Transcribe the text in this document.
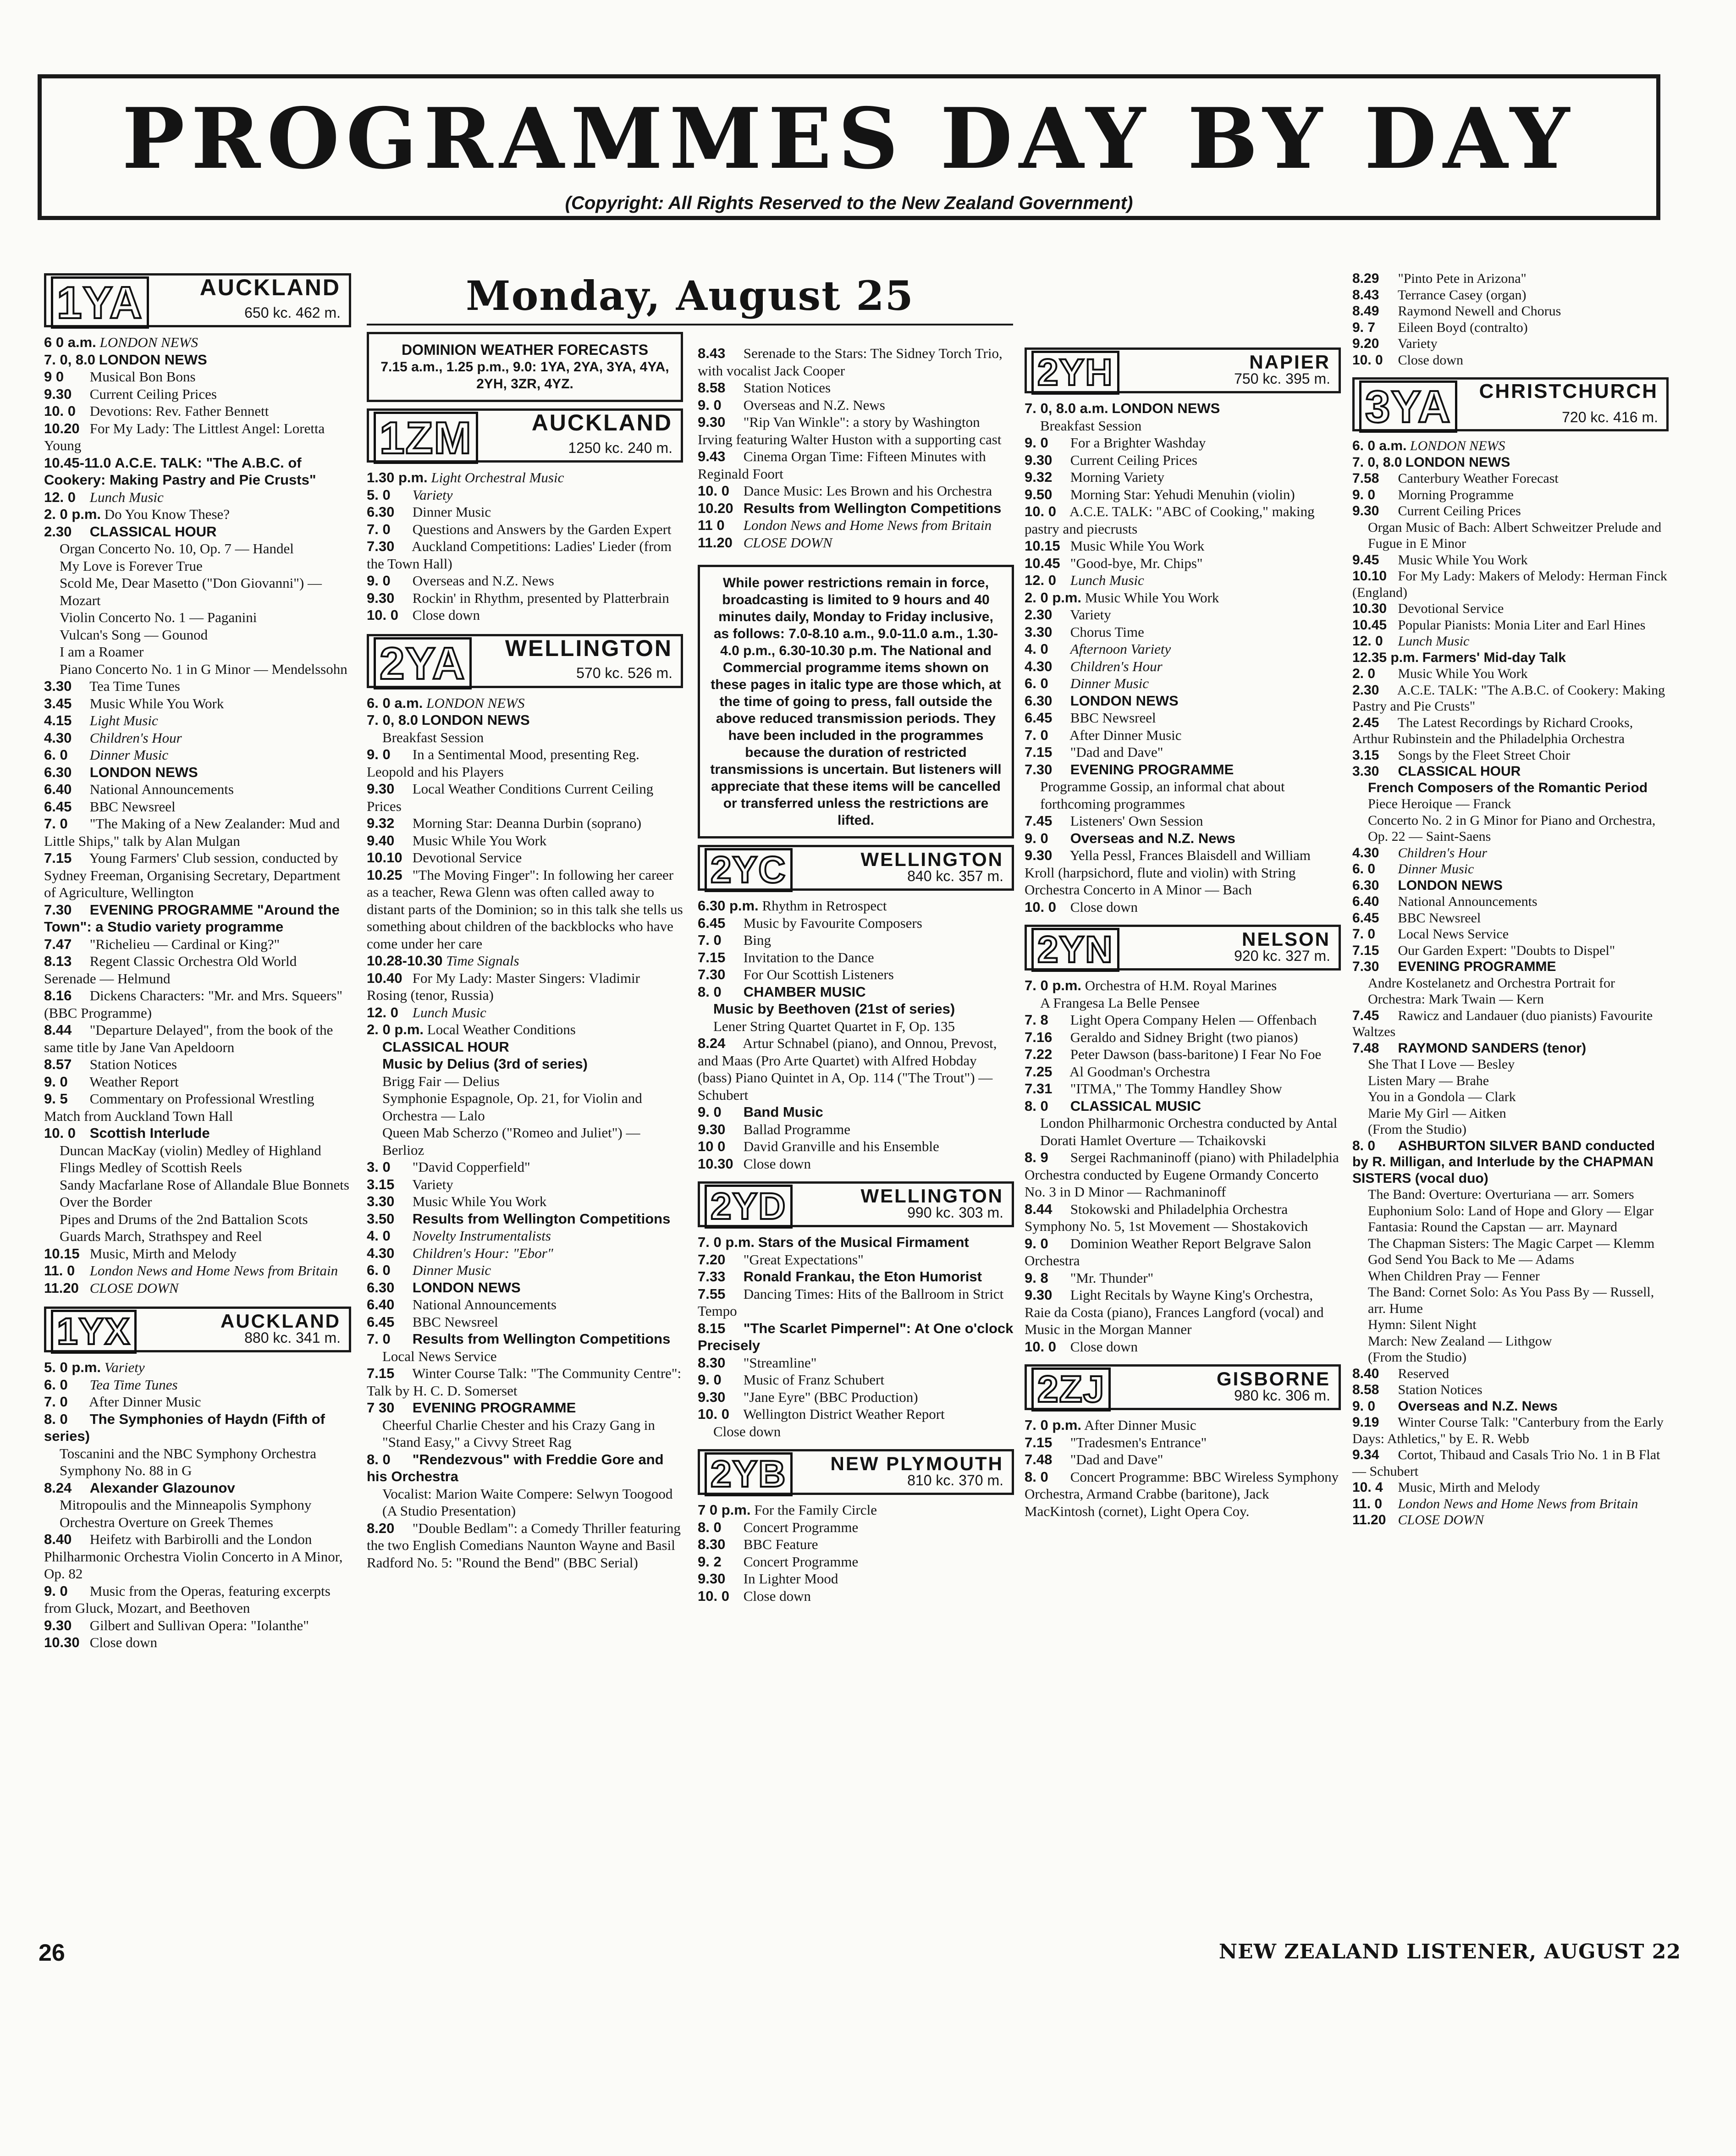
PROGRAMMES DAY BY DAY
(Copyright: All Rights Reserved to the New Zealand Government)
1YA AUCKLAND
650 kc. 462 m.

6 0 a.m. LONDON NEWS

7. 0, 8.0 LONDON NEWS

9 0 Musical Bon Bons

9.30 Current Ceiling Prices

10. 0 Devotions: Rev. Father Bennett

10.20 For My Lady: The Littlest Angel: Loretta Young

10.45-11.0 A.C.E. TALK: "The A.B.C. of Cookery: Making Pastry and Pie Crusts"

12. 0 Lunch Music

2. 0 p.m. Do You Know These?

2.30 CLASSICAL HOUR

Organ Concerto No. 10, Op. 7 — Handel

My Love is Forever True

Scold Me, Dear Masetto ("Don Giovanni") — Mozart

Violin Concerto No. 1 — Paganini

Vulcan's Song — Gounod

I am a Roamer

Piano Concerto No. 1 in G Minor — Mendelssohn

3.30 Tea Time Tunes

3.45 Music While You Work

4.15 Light Music

4.30 Children's Hour

6. 0 Dinner Music

6.30 LONDON NEWS

6.40 National Announcements

6.45 BBC Newsreel

7. 0 "The Making of a New Zealander: Mud and Little Ships," talk by Alan Mulgan

7.15 Young Farmers' Club session, conducted by Sydney Freeman, Organising Secretary, Department of Agriculture, Wellington

7.30 EVENING PROGRAMME "Around the Town": a Studio variety programme

7.47 "Richelieu — Cardinal or King?"

8.13 Regent Classic Orchestra Old World Serenade — Helmund

8.16 Dickens Characters: "Mr. and Mrs. Squeers" (BBC Programme)

8.44 "Departure Delayed", from the book of the same title by Jane Van Apeldoorn

8.57 Station Notices

9. 0 Weather Report

9. 5 Commentary on Professional Wrestling Match from Auckland Town Hall

10. 0 Scottish Interlude

Duncan MacKay (violin) Medley of Highland Flings Medley of Scottish Reels

Sandy Macfarlane Rose of Allandale Blue Bonnets Over the Border

Pipes and Drums of the 2nd Battalion Scots Guards March, Strathspey and Reel

10.15 Music, Mirth and Melody

11. 0 London News and Home News from Britain

11.20 CLOSE DOWN

1YX	AUCKLAND
880 kc. 341 m.

5. 0 p.m. Variety

6. 0 Tea Time Tunes

7. 0 After Dinner Music

8. 0 The Symphonies of Haydn (Fifth of series)

Toscanini and the NBC Symphony Orchestra Symphony No. 88 in G

8.24 Alexander Glazounov

Mitropoulis and the Minneapolis Symphony Orchestra Overture on Greek Themes

8.40 Heifetz with Barbirolli and the London Philharmonic Orchestra Violin Concerto in A Minor, Op. 82

9. 0 Music from the Operas, featuring excerpts from Gluck, Mozart, and Beethoven

9.30 Gilbert and Sullivan Opera: "Iolanthe"

10.30 Close down

Monday, August 25
DOMINION WEATHER FORECASTS
7.15 a.m., 1.25 p.m., 9.0: 1YA, 2YA, 3YA, 4YA, 2YH, 3ZR, 4YZ.
1ZM	AUCKLAND
1250 kc. 240 m.

1.30 p.m. Light Orchestral Music

5. 0 Variety

6.30 Dinner Music

7. 0 Questions and Answers by the Garden Expert

7.30 Auckland Competitions: Ladies' Lieder (from the Town Hall)

9. 0 Overseas and N.Z. News

9.30 Rockin' in Rhythm, presented by Platterbrain

10. 0 Close down

2YA WELLINGTON
570 kc. 526 m.

6. 0 a.m. LONDON NEWS

7. 0, 8.0 LONDON NEWS

Breakfast Session

9. 0 In a Sentimental Mood, presenting Reg. Leopold and his Players

9.30 Local Weather Conditions Current Ceiling Prices

9.32 Morning Star: Deanna Durbin (soprano)

9.40 Music While You Work

10.10 Devotional Service

10.25 "The Moving Finger": In following her career as a teacher, Rewa Glenn was often called away to distant parts of the Dominion; so in this talk she tells us something about children of the backblocks who have come under her care

10.28-10.30 Time Signals

10.40 For My Lady: Master Singers: Vladimir Rosing (tenor, Russia)

12. 0 Lunch Music

2. 0 p.m. Local Weather Conditions

CLASSICAL HOUR

Music by Delius (3rd of series)

Brigg Fair — Delius

Symphonie Espagnole, Op. 21, for Violin and Orchestra — Lalo

Queen Mab Scherzo ("Romeo and Juliet") — Berlioz

3. 0 "David Copperfield"

3.15 Variety

3.30 Music While You Work

3.50 Results from Wellington Competitions

4. 0 Novelty Instrumentalists

4.30 Children's Hour: "Ebor"

6. 0 Dinner Music

6.30 LONDON NEWS

6.40 National Announcements

6.45 BBC Newsreel

7. 0 Results from Wellington Competitions

Local News Service

7.15 Winter Course Talk: "The Community Centre": Talk by H. C. D. Somerset

7 30 EVENING PROGRAMME

Cheerful Charlie Chester and his Crazy Gang in "Stand Easy," a Civvy Street Rag

8. 0 "Rendezvous" with Freddie Gore and his Orchestra

Vocalist: Marion Waite Compere: Selwyn Toogood (A Studio Presentation)

8.20 "Double Bedlam": a Comedy Thriller featuring the two English Comedians Naunton Wayne and Basil Radford No. 5: "Round the Bend" (BBC Serial)

8.43 Serenade to the Stars: The Sidney Torch Trio, with vocalist Jack Cooper

8.58 Station Notices

9. 0 Overseas and N.Z. News

9.30 "Rip Van Winkle": a story by Washington Irving featuring Walter Huston with a supporting cast

9.43 Cinema Organ Time: Fifteen Minutes with Reginald Foort

10. 0 Dance Music: Les Brown and his Orchestra

10.20 Results from Wellington Competitions

11 0 London News and Home News from Britain

11.20 CLOSE DOWN

While power restrictions remain in force, broadcasting is limited to 9 hours and 40 minutes daily, Monday to Friday inclusive, as follows: 7.0-8.10 a.m., 9.0-11.0 a.m., 1.30-4.0 p.m., 6.30-10.30 p.m. The National and Commercial programme items shown on these pages in italic type are those which, at the time of going to press, fall outside the above reduced transmission periods. They have been included in the programmes because the duration of restricted transmissions is uncertain. But listeners will appreciate that these items will be cancelled or transferred unless the restrictions are lifted.
2YC	WELLINGTON
840 kc. 357 m.

6.30 p.m. Rhythm in Retrospect

6.45 Music by Favourite Composers

7. 0 Bing

7.15 Invitation to the Dance

7.30 For Our Scottish Listeners

8. 0 CHAMBER MUSIC

Music by Beethoven (21st of series)

Lener String Quartet Quartet in F, Op. 135

8.24 Artur Schnabel (piano), and Onnou, Prevost, and Maas (Pro Arte Quartet) with Alfred Hobday (bass) Piano Quintet in A, Op. 114 ("The Trout") — Schubert

9. 0 Band Music

9.30 Ballad Programme

10 0 David Granville and his Ensemble

10.30 Close down

2YD	WELLINGTON
990 kc. 303 m.

7. 0 p.m. Stars of the Musical Firmament

7.20 "Great Expectations"

7.33 Ronald Frankau, the Eton Humorist

7.55 Dancing Times: Hits of the Ballroom in Strict Tempo

8.15 "The Scarlet Pimpernel": At One o'clock Precisely

8.30 "Streamline"

9. 0 Music of Franz Schubert

9.30 "Jane Eyre" (BBC Production)

10. 0 Wellington District Weather Report

Close down

2YB	NEW PLYMOUTH
810 kc. 370 m.

7 0 p.m. For the Family Circle

8. 0 Concert Programme

8.30 BBC Feature

9. 2 Concert Programme

9.30 In Lighter Mood

10. 0 Close down

2YH	NAPIER
750 kc. 395 m.

7. 0, 8.0 a.m. LONDON NEWS

Breakfast Session

9. 0 For a Brighter Washday

9.30 Current Ceiling Prices

9.32 Morning Variety

9.50 Morning Star: Yehudi Menuhin (violin)

10. 0 A.C.E. TALK: "ABC of Cooking," making pastry and piecrusts

10.15 Music While You Work

10.45 "Good-bye, Mr. Chips"

12. 0 Lunch Music

2. 0 p.m. Music While You Work

2.30 Variety

3.30 Chorus Time

4. 0 Afternoon Variety

4.30 Children's Hour

6. 0 Dinner Music

6.30 LONDON NEWS

6.45 BBC Newsreel

7. 0 After Dinner Music

7.15 "Dad and Dave"

7.30 EVENING PROGRAMME

Programme Gossip, an informal chat about forthcoming programmes

7.45 Listeners' Own Session

9. 0 Overseas and N.Z. News

9.30 Yella Pessl, Frances Blaisdell and William Kroll (harpsichord, flute and violin) with String Orchestra Concerto in A Minor — Bach

10. 0 Close down

2YN	NELSON
920 kc. 327 m.

7. 0 p.m. Orchestra of H.M. Royal Marines

A Frangesa La Belle Pensee

7. 8 Light Opera Company Helen — Offenbach

7.16 Geraldo and Sidney Bright (two pianos)

7.22 Peter Dawson (bass-baritone) I Fear No Foe

7.25 Al Goodman's Orchestra

7.31 "ITMA," The Tommy Handley Show

8. 0 CLASSICAL MUSIC

London Philharmonic Orchestra conducted by Antal Dorati Hamlet Overture — Tchaikovski

8. 9 Sergei Rachmaninoff (piano) with Philadelphia Orchestra conducted by Eugene Ormandy Concerto No. 3 in D Minor — Rachmaninoff

8.44 Stokowski and Philadelphia Orchestra Symphony No. 5, 1st Movement — Shostakovich

9. 0 Dominion Weather Report Belgrave Salon Orchestra

9. 8 "Mr. Thunder"

9.30 Light Recitals by Wayne King's Orchestra, Raie da Costa (piano), Frances Langford (vocal) and Music in the Morgan Manner

10. 0 Close down

2ZJ	GISBORNE
980 kc. 306 m.

7. 0 p.m. After Dinner Music

7.15 "Tradesmen's Entrance"

7.48 "Dad and Dave"

8. 0 Concert Programme: BBC Wireless Symphony Orchestra, Armand Crabbe (baritone), Jack MacKintosh (cornet), Light Opera Coy.

8.29 "Pinto Pete in Arizona"

8.43 Terrance Casey (organ)

8.49 Raymond Newell and Chorus

9. 7 Eileen Boyd (contralto)

9.20 Variety

10. 0 Close down

3YA CHRISTCHURCH
720 kc. 416 m.

6. 0 a.m. LONDON NEWS

7. 0, 8.0 LONDON NEWS

7.58 Canterbury Weather Forecast

9. 0 Morning Programme

9.30 Current Ceiling Prices

Organ Music of Bach: Albert Schweitzer Prelude and Fugue in E Minor

9.45 Music While You Work

10.10 For My Lady: Makers of Melody: Herman Finck (England)

10.30 Devotional Service

10.45 Popular Pianists: Monia Liter and Earl Hines

12. 0 Lunch Music

12.35 p.m. Farmers' Mid-day Talk

2. 0 Music While You Work

2.30 A.C.E. TALK: "The A.B.C. of Cookery: Making Pastry and Pie Crusts"

2.45 The Latest Recordings by Richard Crooks, Arthur Rubinstein and the Philadelphia Orchestra

3.15 Songs by the Fleet Street Choir

3.30 CLASSICAL HOUR

French Composers of the Romantic Period

Piece Heroique — Franck

Concerto No. 2 in G Minor for Piano and Orchestra, Op. 22 — Saint-Saens

4.30 Children's Hour

6. 0 Dinner Music

6.30 LONDON NEWS

6.40 National Announcements

6.45 BBC Newsreel

7. 0 Local News Service

7.15 Our Garden Expert: "Doubts to Dispel"

7.30 EVENING PROGRAMME

Andre Kostelanetz and Orchestra Portrait for Orchestra: Mark Twain — Kern

7.45 Rawicz and Landauer (duo pianists) Favourite Waltzes

7.48 RAYMOND SANDERS (tenor)

She That I Love — Besley

Listen Mary — Brahe

You in a Gondola — Clark

Marie My Girl — Aitken

(From the Studio)

8. 0 ASHBURTON SILVER BAND conducted by R. Milligan, and Interlude by the CHAPMAN SISTERS (vocal duo)

The Band: Overture: Overturiana — arr. Somers

Euphonium Solo: Land of Hope and Glory — Elgar

Fantasia: Round the Capstan — arr. Maynard

The Chapman Sisters: The Magic Carpet — Klemm

God Send You Back to Me — Adams

When Children Pray — Fenner

The Band: Cornet Solo: As You Pass By — Russell, arr. Hume

Hymn: Silent Night

March: New Zealand — Lithgow

(From the Studio)

8.40 Reserved

8.58 Station Notices

9. 0 Overseas and N.Z. News

9.19 Winter Course Talk: "Canterbury from the Early Days: Athletics," by E. R. Webb

9.34 Cortot, Thibaud and Casals Trio No. 1 in B Flat — Schubert

10. 4 Music, Mirth and Melody

11. 0 London News and Home News from Britain

11.20 CLOSE DOWN

26	NEW ZEALAND LISTENER, AUGUST 22
